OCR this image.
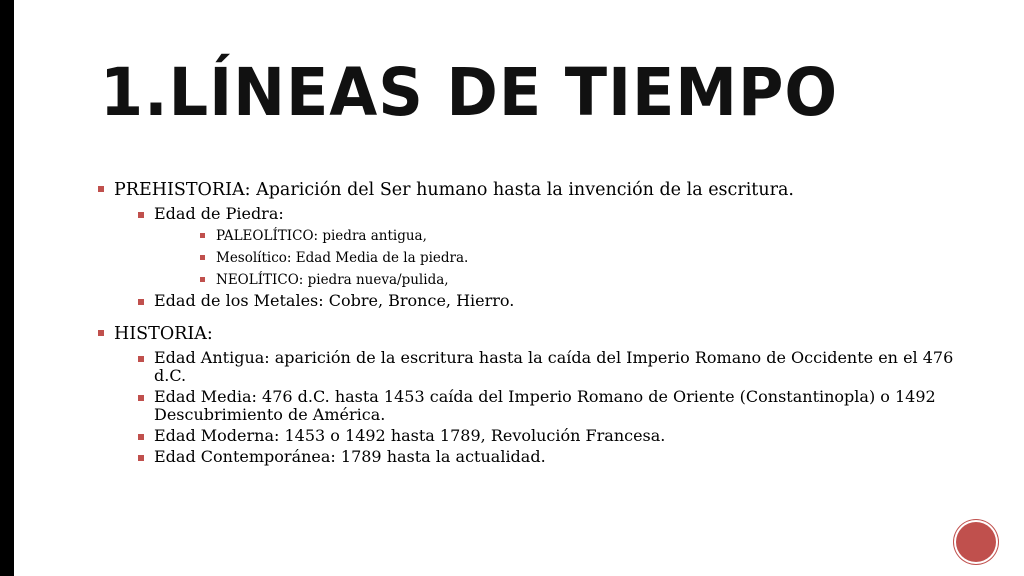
1.LÍNEAS DE TIEMPO
PREHISTORIA: Aparición del Ser humano hasta la invención de la escritura.
Edad de Piedra:
PALEOLÍTICO: piedra antigua,
Mesolítico: Edad Media de la piedra.
NEOLÍTICO: piedra nueva/pulida,
Edad de los Metales: Cobre, Bronce, Hierro.
HISTORIA:
Edad Antigua: aparición de la escritura hasta la caída del Imperio Romano de Occidente en el 476 d.C.
Edad Media: 476 d.C. hasta 1453 caída del Imperio Romano de Oriente (Constantinopla) o 1492 Descubrimiento de América.
Edad Moderna: 1453 o 1492 hasta 1789, Revolución Francesa.
Edad Contemporánea: 1789 hasta la actualidad.
